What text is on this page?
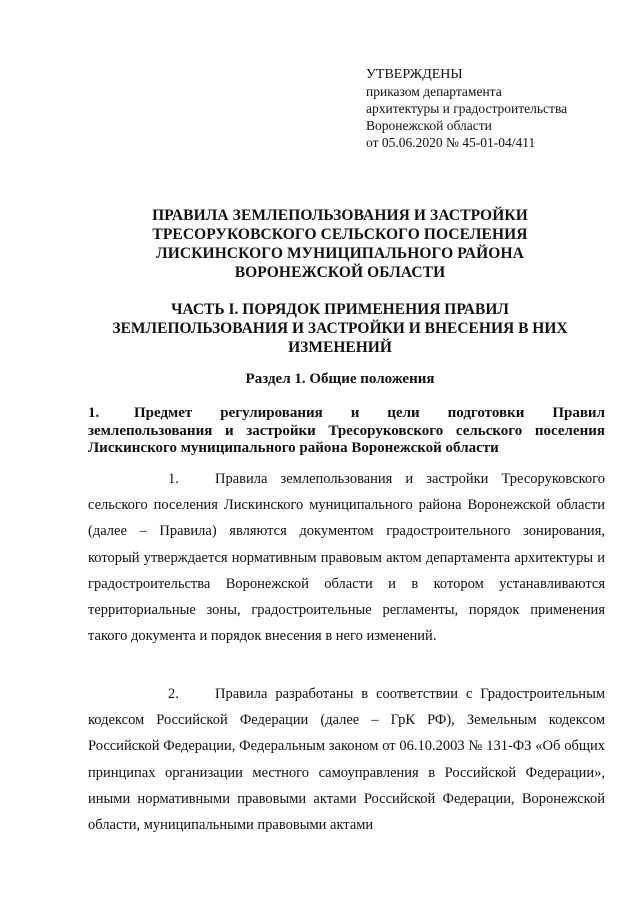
УТВЕРЖДЕНЫ
приказом департамента
архитектуры и градостроительства
Воронежской области
от 05.06.2020 № 45-01-04/411
ПРАВИЛА ЗЕМЛЕПОЛЬЗОВАНИЯ И ЗАСТРОЙКИ
ТРЕСОРУКОВСКОГО СЕЛЬСКОГО ПОСЕЛЕНИЯ
ЛИСКИНСКОГО МУНИЦИПАЛЬНОГО РАЙОНА
ВОРОНЕЖСКОЙ ОБЛАСТИ
ЧАСТЬ I. ПОРЯДОК ПРИМЕНЕНИЯ ПРАВИЛ
ЗЕМЛЕПОЛЬЗОВАНИЯ И ЗАСТРОЙКИ И ВНЕСЕНИЯ В НИХ
ИЗМЕНЕНИЙ
Раздел 1. Общие положения
1. Предмет регулирования и цели подготовки Правил землепользования и застройки Тресоруковского сельского поселения Лискинского муниципального района Воронежской области
1. Правила землепользования и застройки Тресоруковского сельского поселения Лискинского муниципального района Воронежской области (далее – Правила) являются документом градостроительного зонирования, который утверждается нормативным правовым актом департамента архитектуры и градостроительства Воронежской области и в котором устанавливаются территориальные зоны, градостроительные регламенты, порядок применения такого документа и порядок внесения в него изменений.
2. Правила разработаны в соответствии с Градостроительным кодексом Российской Федерации (далее – ГрК РФ), Земельным кодексом Российской Федерации, Федеральным законом от 06.10.2003 № 131-ФЗ «Об общих принципах организации местного самоуправления в Российской Федерации», иными нормативными правовыми актами Российской Федерации, Воронежской области, муниципальными правовыми актами
